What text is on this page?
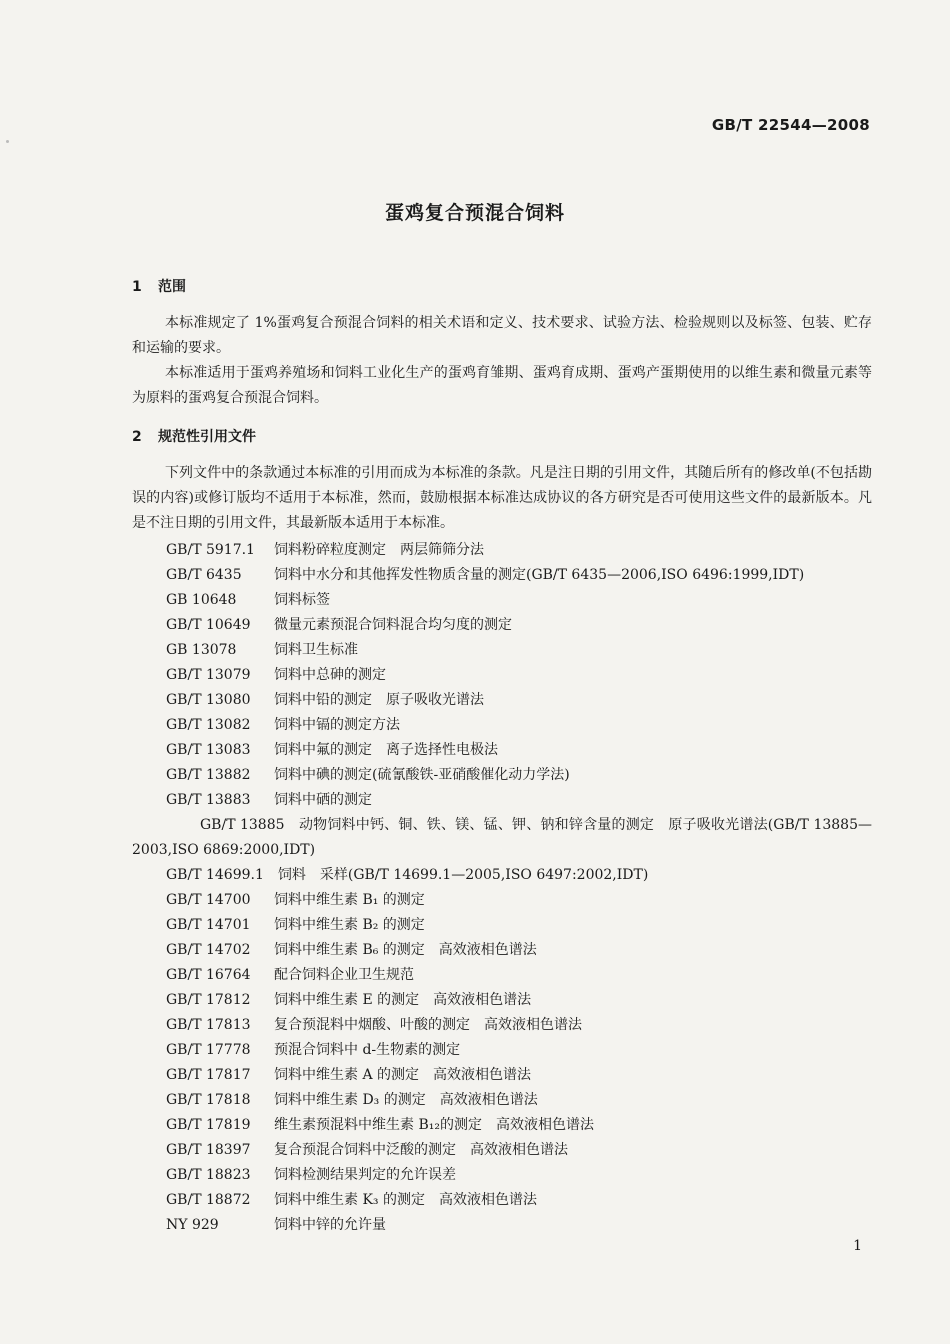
GB/T 22544—2008
蛋鸡复合预混合饲料
1 范围
本标准规定了 1%蛋鸡复合预混合饲料的相关术语和定义、技术要求、试验方法、检验规则以及标签、包装、贮存和运输的要求。
本标准适用于蛋鸡养殖场和饲料工业化生产的蛋鸡育雏期、蛋鸡育成期、蛋鸡产蛋期使用的以维生素和微量元素等为原料的蛋鸡复合预混合饲料。
2 规范性引用文件
下列文件中的条款通过本标准的引用而成为本标准的条款。凡是注日期的引用文件，其随后所有的修改单(不包括勘误的内容)或修订版均不适用于本标准，然而，鼓励根据本标准达成协议的各方研究是否可使用这些文件的最新版本。凡是不注日期的引用文件，其最新版本适用于本标准。
GB/T 5917.1　 饲料粉碎粒度测定　两层筛筛分法
GB/T 6435　 饲料中水分和其他挥发性物质含量的测定(GB/T 6435—2006,ISO 6496:1999,IDT)
GB 10648　	饲料标签
GB/T 10649　 微量元素预混合饲料混合均匀度的测定
GB 13078　	饲料卫生标准
GB/T 13079　 饲料中总砷的测定
GB/T 13080　 饲料中铅的测定　原子吸收光谱法
GB/T 13082　 饲料中镉的测定方法
GB/T 13083　 饲料中氟的测定　离子选择性电极法
GB/T 13882　 饲料中碘的测定(硫氰酸铁-亚硝酸催化动力学法)
GB/T 13883　 饲料中硒的测定
GB/T 13885　 动物饲料中钙、铜、铁、镁、锰、钾、钠和锌含量的测定　原子吸收光谱法(GB/T 13885—2003,ISO 6869:2000,IDT)
GB/T 14699.1　 饲料　采样(GB/T 14699.1—2005,ISO 6497:2002,IDT)
GB/T 14700　 饲料中维生素 B₁ 的测定
GB/T 14701　 饲料中维生素 B₂ 的测定
GB/T 14702　 饲料中维生素 B₆ 的测定　高效液相色谱法
GB/T 16764　 配合饲料企业卫生规范
GB/T 17812　 饲料中维生素 E 的测定　高效液相色谱法
GB/T 17813　 复合预混料中烟酸、叶酸的测定　高效液相色谱法
GB/T 17778　 预混合饲料中 d-生物素的测定
GB/T 17817　 饲料中维生素 A 的测定　高效液相色谱法
GB/T 17818　 饲料中维生素 D₃ 的测定　高效液相色谱法
GB/T 17819　 维生素预混料中维生素 B₁₂的测定　高效液相色谱法
GB/T 18397　 复合预混合饲料中泛酸的测定　高效液相色谱法
GB/T 18823　 饲料检测结果判定的允许误差
GB/T 18872　 饲料中维生素 K₃ 的测定　高效液相色谱法
NY 929　	饲料中锌的允许量
1
